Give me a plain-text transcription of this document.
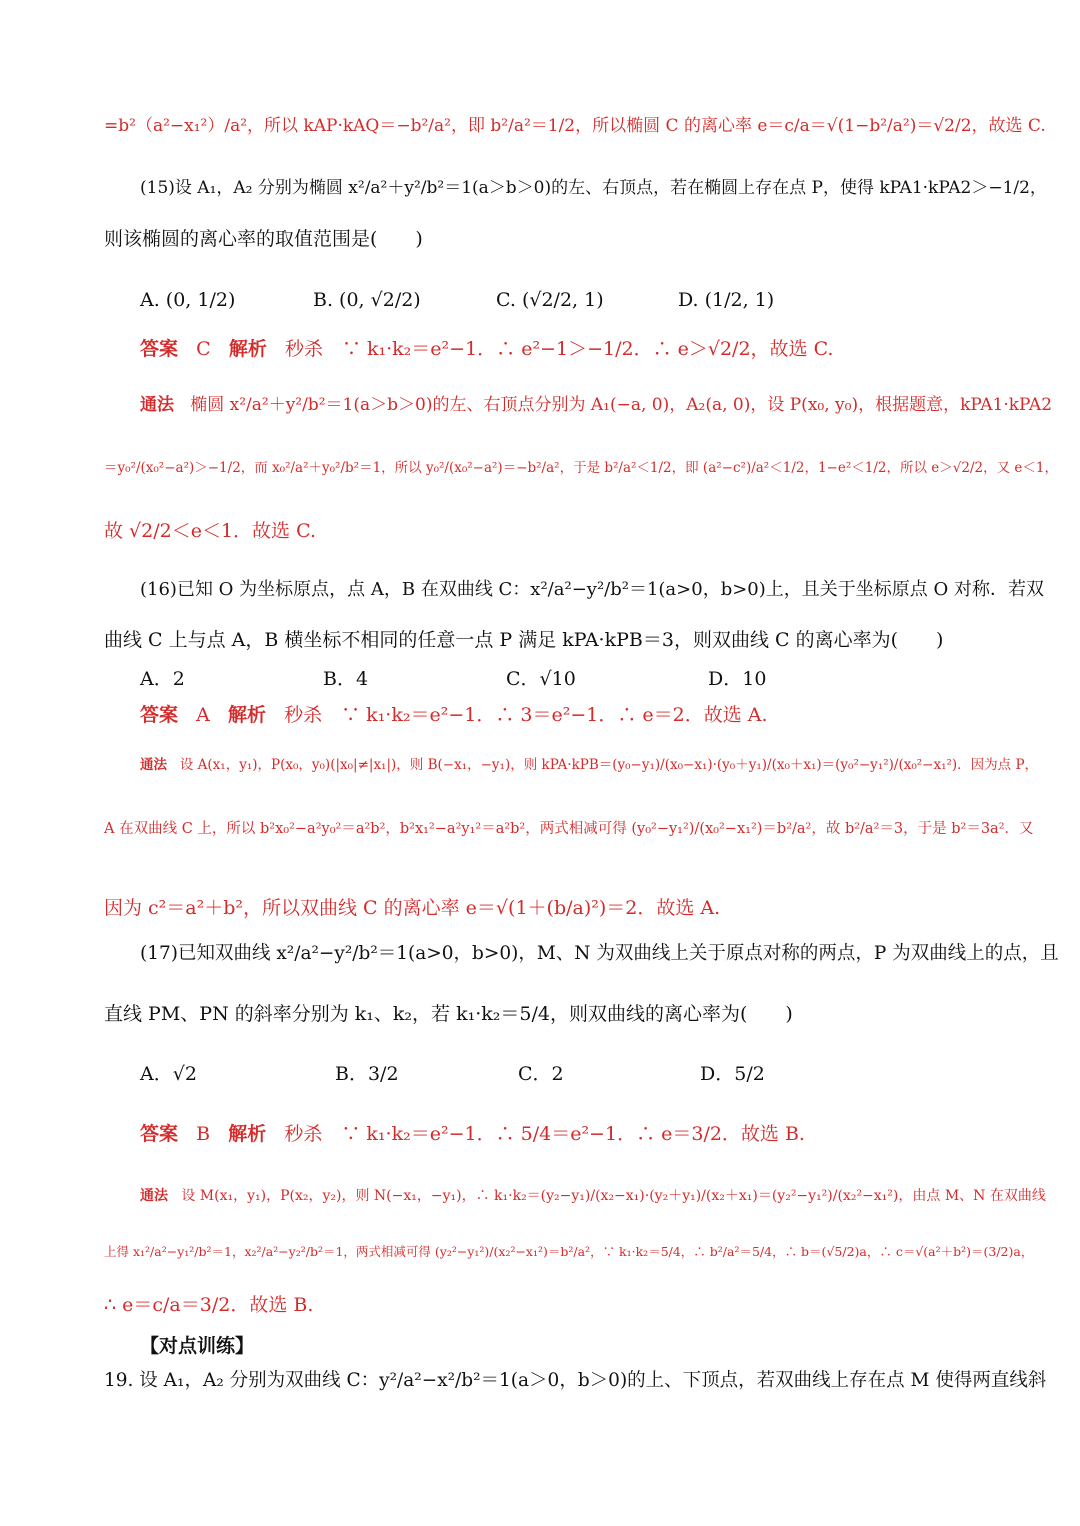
=b²（a²−x₁²）/a²，所以 kAP·kAQ＝−b²/a²，即 b²/a²＝1/2，所以椭圆 C 的离心率 e＝c/a＝√(1−b²/a²)＝√2/2，故选 C.
(15)设 A₁，A₂ 分别为椭圆 x²/a²＋y²/b²＝1(a＞b＞0)的左、右顶点，若在椭圆上存在点 P，使得 kPA1·kPA2＞−1/2，
则该椭圆的离心率的取值范围是(　　)
A. (0, 1/2)	B. (0, √2/2)	C. (√2/2, 1)	D. (1/2, 1)
答案 C 解析 秒杀　∵ k₁·k₂＝e²−1．∴ e²−1＞−1/2．∴ e＞√2/2，故选 C.
通法 椭圆 x²/a²＋y²/b²＝1(a＞b＞0)的左、右顶点分别为 A₁(−a, 0)，A₂(a, 0)，设 P(x₀, y₀)，根据题意，kPA1·kPA2
＝y₀²/(x₀²−a²)＞−1/2，而 x₀²/a²＋y₀²/b²＝1，所以 y₀²/(x₀²−a²)＝−b²/a²，于是 b²/a²＜1/2，即 (a²−c²)/a²＜1/2，1−e²＜1/2，所以 e＞√2/2，又 e＜1，
故 √2/2＜e＜1．故选 C.
(16)已知 O 为坐标原点，点 A，B 在双曲线 C：x²/a²−y²/b²＝1(a>0，b>0)上，且关于坐标原点 O 对称．若双
曲线 C 上与点 A，B 横坐标不相同的任意一点 P 满足 kPA·kPB＝3，则双曲线 C 的离心率为(　　)
A．2	B．4	C．√10	D．10
答案 A 解析 秒杀　∵ k₁·k₂＝e²−1．∴ 3＝e²−1．∴ e＝2．故选 A.
通法 设 A(x₁，y₁)，P(x₀，y₀)(|x₀|≠|x₁|)，则 B(−x₁，−y₁)，则 kPA·kPB＝(y₀−y₁)/(x₀−x₁)·(y₀＋y₁)/(x₀＋x₁)＝(y₀²−y₁²)/(x₀²−x₁²)．因为点 P，
A 在双曲线 C 上，所以 b²x₀²−a²y₀²＝a²b²，b²x₁²−a²y₁²＝a²b²，两式相减可得 (y₀²−y₁²)/(x₀²−x₁²)＝b²/a²，故 b²/a²＝3，于是 b²＝3a²．又
因为 c²＝a²＋b²，所以双曲线 C 的离心率 e＝√(1＋(b/a)²)＝2．故选 A.
(17)已知双曲线 x²/a²−y²/b²＝1(a>0，b>0)，M、N 为双曲线上关于原点对称的两点，P 为双曲线上的点，且
直线 PM、PN 的斜率分别为 k₁、k₂，若 k₁·k₂＝5/4，则双曲线的离心率为(　　)
A．√2	B．3/2	C．2	D．5/2
答案 B 解析 秒杀　∵ k₁·k₂＝e²−1．∴ 5/4＝e²−1．∴ e＝3/2．故选 B.
通法 设 M(x₁，y₁)，P(x₂，y₂)，则 N(−x₁，−y₁)，∴ k₁·k₂＝(y₂−y₁)/(x₂−x₁)·(y₂＋y₁)/(x₂＋x₁)＝(y₂²−y₁²)/(x₂²−x₁²)，由点 M、N 在双曲线
上得 x₁²/a²−y₁²/b²＝1，x₂²/a²−y₂²/b²＝1，两式相减可得 (y₂²−y₁²)/(x₂²−x₁²)＝b²/a²，∵ k₁·k₂＝5/4，∴ b²/a²＝5/4，∴ b＝(√5/2)a，∴ c＝√(a²＋b²)＝(3/2)a，
∴ e＝c/a＝3/2．故选 B.
【对点训练】
19. 设 A₁，A₂ 分别为双曲线 C：y²/a²−x²/b²＝1(a＞0，b＞0)的上、下顶点，若双曲线上存在点 M 使得两直线斜
